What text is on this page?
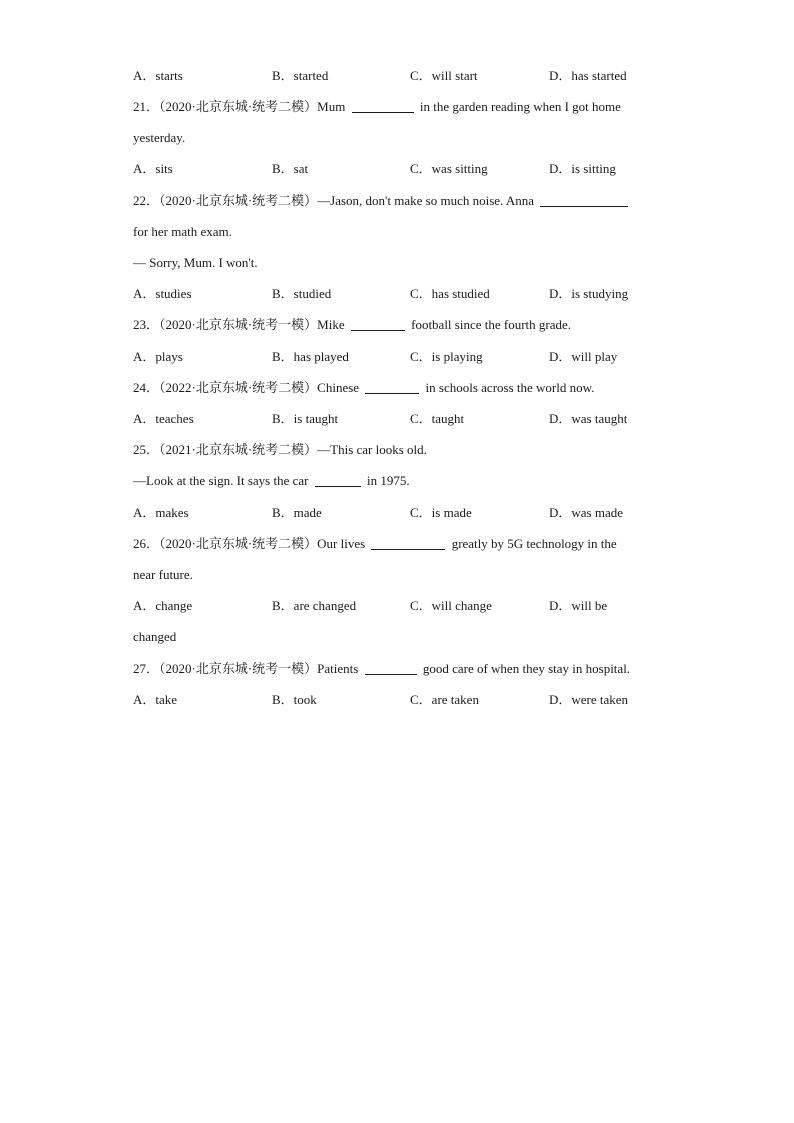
A．starts	B．started	C．will start	D．has started
21．（2020·北京东城·统考二模）Mum	in the garden reading when I got home
yesterday.
A．sits	B．sat	C．was sitting	D．is sitting
22．（2020·北京东城·统考二模）—Jason, don't make so much noise. Anna
for her math exam.
— Sorry, Mum. I won't.
A．studies	B．studied	C．has studied	D．is studying
23．（2020·北京东城·统考一模）Mike	football since the fourth grade.
A．plays	B．has played	C．is playing	D．will play
24．（2022·北京东城·统考二模）Chinese	in schools across the world now.
A．teaches	B．is taught	C．taught	D．was taught
25．（2021·北京东城·统考二模）—This car looks old.
—Look at the sign. It says the car	in 1975.
A．makes	B．made	C．is made	D．was made
26．（2020·北京东城·统考二模）Our lives	greatly by 5G technology in the
near future.
A．change	B．are changed	C．will change	D．will be
changed
27．（2020·北京东城·统考一模）Patients	good care of when they stay in hospital.
A．take	B．took	C．are taken	D．were taken
